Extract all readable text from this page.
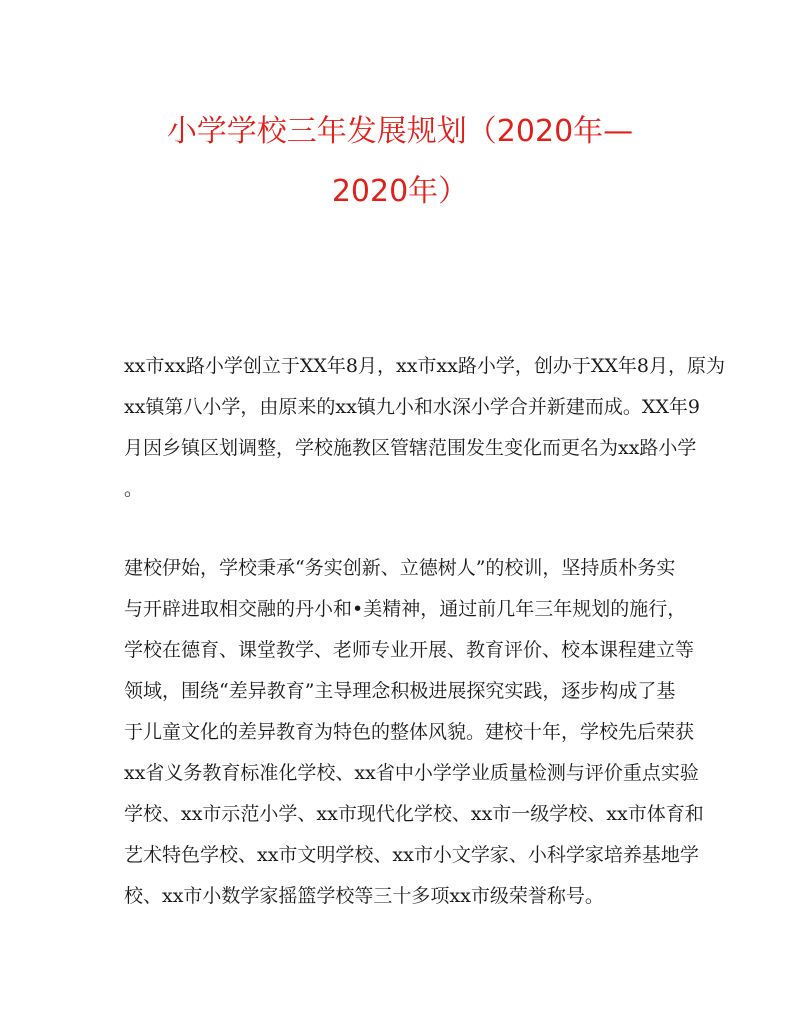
小学学校三年发展规划（2020年—
2020年）
xx市xx路小学创立于XX年8月，xx市xx路小学，创办于XX年8月，原为
xx镇第八小学，由原来的xx镇九小和水深小学合并新建而成。XX年9
月因乡镇区划调整，学校施教区管辖范围发生变化而更名为xx路小学
。
建校伊始，学校秉承“务实创新、立德树人”的校训，坚持质朴务实
与开辟进取相交融的丹小和•美精神，通过前几年三年规划的施行，
学校在德育、课堂教学、老师专业开展、教育评价、校本课程建立等
领域，围绕“差异教育”主导理念积极进展探究实践，逐步构成了基
于儿童文化的差异教育为特色的整体风貌。建校十年，学校先后荣获
xx省义务教育标准化学校、xx省中小学学业质量检测与评价重点实验
学校、xx市示范小学、xx市现代化学校、xx市一级学校、xx市体育和
艺术特色学校、xx市文明学校、xx市小文学家、小科学家培养基地学
校、xx市小数学家摇篮学校等三十多项xx市级荣誉称号。
